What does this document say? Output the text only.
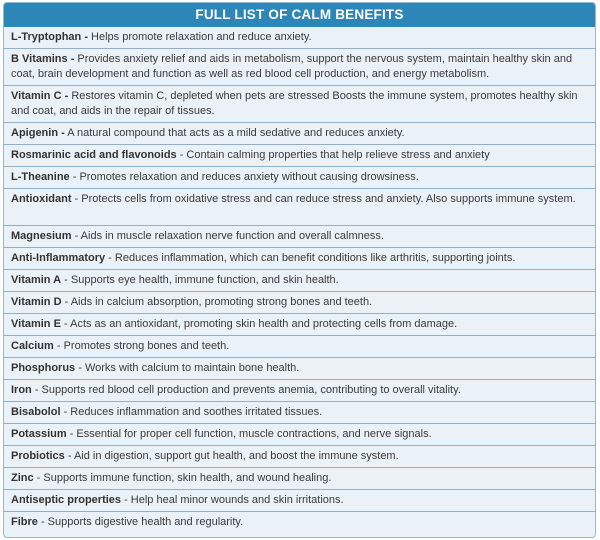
FULL LIST OF CALM BENEFITS
L-Tryptophan - Helps promote relaxation and reduce anxiety.
B Vitamins - Provides anxiety relief and aids in metabolism, support the nervous system, maintain healthy skin and coat, brain development and function as well as red blood cell production, and energy metabolism.
Vitamin C - Restores vitamin C, depleted when pets are stressed Boosts the immune system, promotes healthy skin and coat, and aids in the repair of tissues.
Apigenin - A natural compound that acts as a mild sedative and reduces anxiety.
Rosmarinic acid and flavonoids - Contain calming properties that help relieve stress and anxiety
L-Theanine - Promotes relaxation and reduces anxiety without causing drowsiness.
Antioxidant - Protects cells from oxidative stress and can reduce stress and anxiety. Also supports immune system.
Magnesium - Aids in muscle relaxation nerve function and overall calmness.
Anti-Inflammatory - Reduces inflammation, which can benefit conditions like arthritis, supporting joints.
Vitamin A - Supports eye health, immune function, and skin health.
Vitamin D - Aids in calcium absorption, promoting strong bones and teeth.
Vitamin E - Acts as an antioxidant, promoting skin health and protecting cells from damage.
Calcium - Promotes strong bones and teeth.
Phosphorus - Works with calcium to maintain bone health.
Iron - Supports red blood cell production and prevents anemia, contributing to overall vitality.
Bisabolol - Reduces inflammation and soothes irritated tissues.
Potassium - Essential for proper cell function, muscle contractions, and nerve signals.
Probiotics - Aid in digestion, support gut health, and boost the immune system.
Zinc - Supports immune function, skin health, and wound healing.
Antiseptic properties - Help heal minor wounds and skin irritations.
Fibre - Supports digestive health and regularity.
